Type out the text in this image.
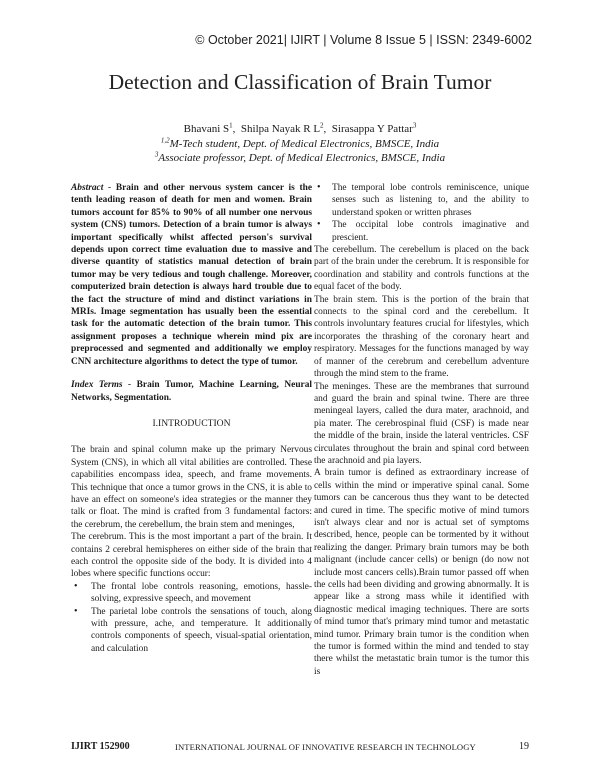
© October 2021| IJIRT | Volume 8 Issue 5 | ISSN: 2349-6002
Detection and Classification of Brain Tumor
Bhavani $S^1$,  Shilpa Nayak R $L^2$,  Sirasappa Y Pattar$^3$
$^{1,2}$M-Tech student, Dept. of Medical Electronics, BMSCE, India
$^3$Associate professor, Dept. of Medical Electronics, BMSCE, India

Abstract - Brain and other nervous system cancer is the tenth leading reason of death for men and women. Brain tumors account for 85% to 90% of all number one nervous system (CNS) tumors. Detection of a brain tumor is always important specifically whilst affected person's survival depends upon correct time evaluation due to massive and diverse quantity of statistics manual detection of brain tumor may be very tedious and tough challenge. Moreover, computerized brain detection is always hard trouble due to the fact the structure of mind and distinct variations in MRIs. Image segmentation has usually been the essential task for the automatic detection of the brain tumor. This assignment proposes a technique wherein mind pix are preprocessed and segmented and additionally we employ CNN architecture algorithms to detect the type of tumor.

Index Terms - Brain Tumor, Machine Learning, Neural Networks, Segmentation.

I.INTRODUCTION

The brain and spinal column make up the primary Nervous System (CNS), in which all vital abilities are controlled. These capabilities encompass idea, speech, and frame movements. This technique that once a tumor grows in the CNS, it is able to have an effect on someone's idea strategies or the manner they talk or float. The mind is crafted from 3 fundamental factors: the cerebrum, the cerebellum, the brain stem and meninges,

The cerebrum. This is the most important a part of the brain. It contains 2 cerebral hemispheres on either side of the brain that each control the opposite side of the body. It is divided into 4 lobes where specific functions occur:

• The frontal lobe controls reasoning, emotions, hassle-solving, expressive speech, and movement
• The parietal lobe controls the sensations of touch, along with pressure, ache, and temperature. It additionally controls components of speech, visual-spatial orientation, and calculation
• The temporal lobe controls reminiscence, unique senses such as listening to, and the ability to understand spoken or written phrases
• The occipital lobe controls imaginative and prescient.

The cerebellum. The cerebellum is placed on the back part of the brain under the cerebrum. It is responsible for coordination and stability and controls functions at the equal facet of the body.

The brain stem. This is the portion of the brain that connects to the spinal cord and the cerebellum. It controls involuntary features crucial for lifestyles, which incorporates the thrashing of the coronary heart and respiratory. Messages for the functions managed by way of manner of the cerebrum and cerebellum adventure through the mind stem to the frame.

The meninges. These are the membranes that surround and guard the brain and spinal twine. There are three meningeal layers, called the dura mater, arachnoid, and pia mater. The cerebrospinal fluid (CSF) is made near the middle of the brain, inside the lateral ventricles. CSF circulates throughout the brain and spinal cord between the arachnoid and pia layers.

A brain tumor is defined as extraordinary increase of cells within the mind or imperative spinal canal. Some tumors can be cancerous thus they want to be detected and cured in time. The specific motive of mind tumors isn't always clear and nor is actual set of symptoms described, hence, people can be tormented by it without realizing the danger. Primary brain tumors may be both malignant (include cancer cells) or benign (do now not include most cancers cells).Brain tumor passed off when the cells had been dividing and growing abnormally. It is appear like a strong mass while it identified with diagnostic medical imaging techniques. There are sorts of mind tumor that's primary mind tumor and metastatic mind tumor. Primary brain tumor is the condition when the tumor is formed within the mind and tended to stay there whilst the metastatic brain tumor is the tumor this is

IJIRT 152900	INTERNATIONAL JOURNAL OF INNOVATIVE RESEARCH IN TECHNOLOGY	19
